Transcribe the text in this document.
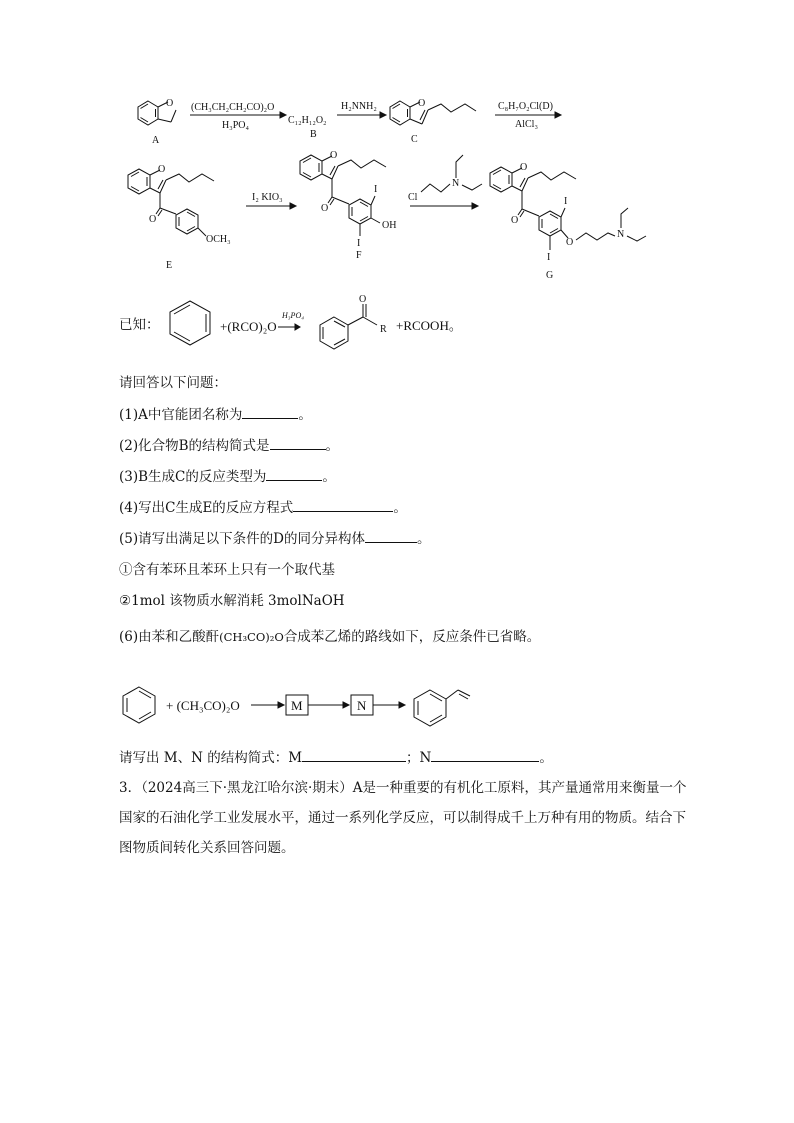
O
A
(CH₃CH₂CH₂CO)₂O
H₃PO₄	C₁₂H₁₂O₂
B
H₂NNH₂	O
C
C₈H₇O₂Cl(D)
AlCl₃
O
O
OCH₃
E
I₂ KIO₃
O
O
I
OH
I
F
Cl
N
O
O
I
O
N
I
G
已知：	+(RCO)₂O
H₃PO₄
O
R +RCOOH。
请回答以下问题：
(1)A中官能团名称为	。
(2)化合物B的结构简式是	。
(3)B生成C的反应类型为	。
(4)写出C生成E的反应方程式	。
(5)请写出满足以下条件的D的同分异构体	。
①含有苯环且苯环上只有一个取代基
②1mol 该物质水解消耗 3molNaOH
(6)由苯和乙酸酐(CH₃CO)₂O合成苯乙烯的路线如下，反应条件已省略。
+ (CH₃CO)₂O	M	N
请写出 M、N 的结构简式：M	；N	。
3．（2024高三下·黑龙江哈尔滨·期末）A是一种重要的有机化工原料，其产量通常用来衡量一个国家的石油化学工业发展水平，通过一系列化学反应，可以制得成千上万种有用的物质。结合下图物质间转化关系回答问题。
